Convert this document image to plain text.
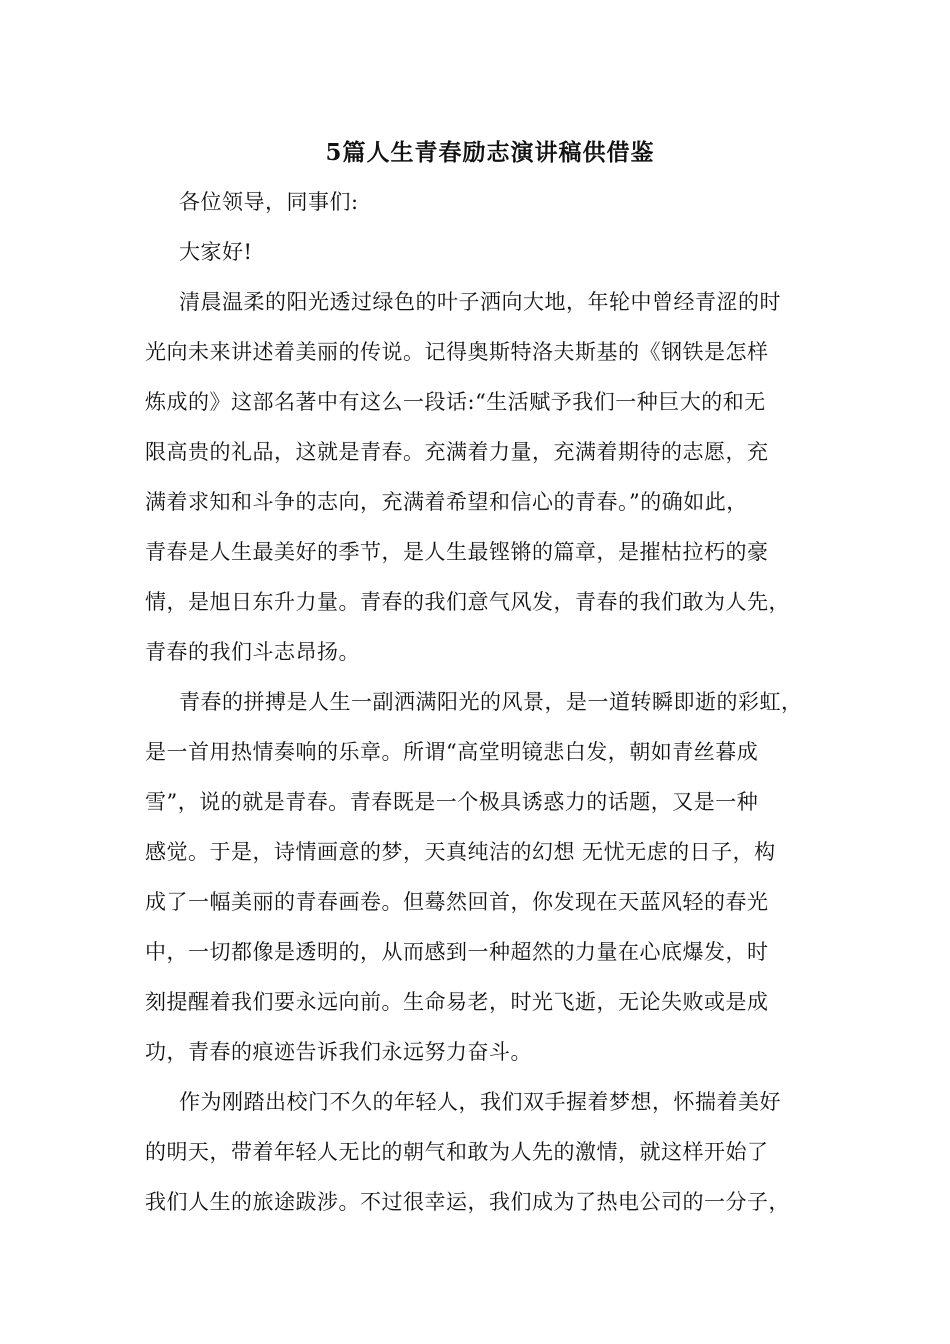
5篇人生青春励志演讲稿供借鉴
各位领导，同事们:
大家好!
清晨温柔的阳光透过绿色的叶子洒向大地，年轮中曾经青涩的时
光向未来讲述着美丽的传说。记得奥斯特洛夫斯基的《钢铁是怎样
炼成的》这部名著中有这么一段话:“生活赋予我们一种巨大的和无
限高贵的礼品，这就是青春。充满着力量，充满着期待的志愿，充
满着求知和斗争的志向，充满着希望和信心的青春。”的确如此，
青春是人生最美好的季节，是人生最铿锵的篇章，是摧枯拉朽的豪
情，是旭日东升力量。青春的我们意气风发，青春的我们敢为人先，
青春的我们斗志昂扬。
青春的拼搏是人生一副洒满阳光的风景，是一道转瞬即逝的彩虹，
是一首用热情奏响的乐章。所谓“高堂明镜悲白发，朝如青丝暮成
雪”，说的就是青春。青春既是一个极具诱惑力的话题，又是一种
感觉。于是，诗情画意的梦，天真纯洁的幻想 无忧无虑的日子，构
成了一幅美丽的青春画卷。但蓦然回首，你发现在天蓝风轻的春光
中，一切都像是透明的，从而感到一种超然的力量在心底爆发，时
刻提醒着我们要永远向前。生命易老，时光飞逝，无论失败或是成
功，青春的痕迹告诉我们永远努力奋斗。
作为刚踏出校门不久的年轻人，我们双手握着梦想，怀揣着美好
的明天，带着年轻人无比的朝气和敢为人先的激情，就这样开始了
我们人生的旅途跋涉。不过很幸运，我们成为了热电公司的一分子，
